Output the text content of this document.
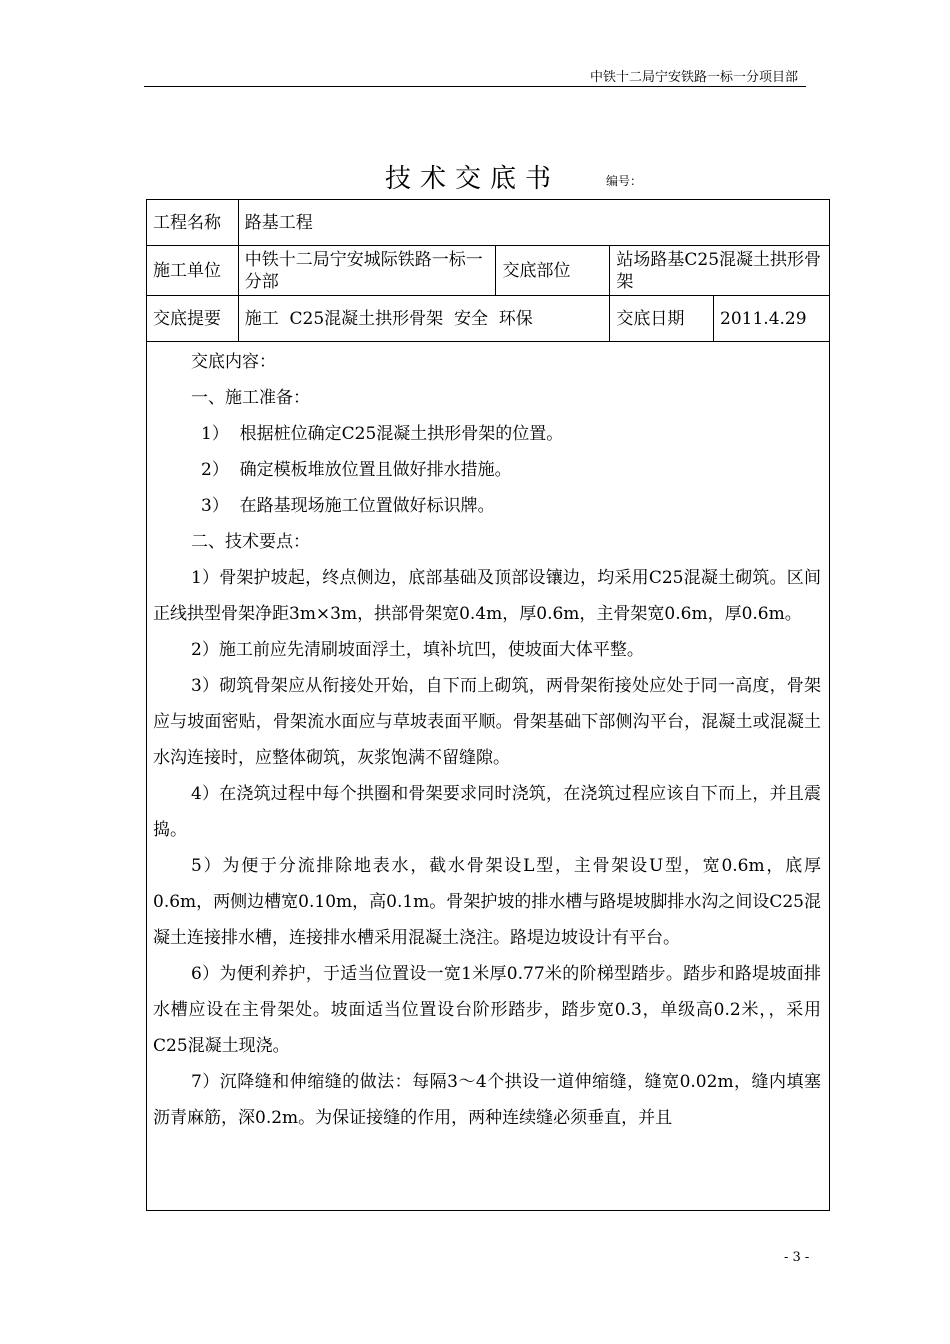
中铁十二局宁安铁路一标一分项目部
技术交底书	编号：
工程名称	路基工程			
施工单位	中铁十二局宁安城际铁路一标一分部	交底部位	站场路基C25混凝土拱形骨架	
交底提要	施工  C25混凝土拱形骨架  安全  环保		交底日期	2011.4.29

交底内容：

一、施工准备：

1）  根据桩位确定C25混凝土拱形骨架的位置。

2）  确定模板堆放位置且做好排水措施。

3）  在路基现场施工位置做好标识牌。

二、技术要点：

1）骨架护坡起，终点侧边，底部基础及顶部设镶边，均采用C25混凝土砌筑。区间正线拱型骨架净距3m×3m，拱部骨架宽0.4m，厚0.6m，主骨架宽0.6m，厚0.6m。

2）施工前应先清刷坡面浮土，填补坑凹，使坡面大体平整。

3）砌筑骨架应从衔接处开始，自下而上砌筑，两骨架衔接处应处于同一高度，骨架应与坡面密贴，骨架流水面应与草坡表面平顺。骨架基础下部侧沟平台，混凝土或混凝土水沟连接时，应整体砌筑，灰浆饱满不留缝隙。

4）在浇筑过程中每个拱圈和骨架要求同时浇筑，在浇筑过程应该自下而上，并且震捣。

5）为便于分流排除地表水，截水骨架设L型，主骨架设U型，宽0.6m，底厚0.6m，两侧边槽宽0.10m，高0.1m。骨架护坡的排水槽与路堤坡脚排水沟之间设C25混凝土连接排水槽，连接排水槽采用混凝土浇注。路堤边坡设计有平台。

6）为便利养护，于适当位置设一宽1米厚0.77米的阶梯型踏步。踏步和路堤坡面排水槽应设在主骨架处。坡面适当位置设台阶形踏步，踏步宽0.3，单级高0.2米，，采用C25混凝土现浇。

7）沉降缝和伸缩缝的做法：每隔3～4个拱设一道伸缩缝，缝宽0.02m，缝内填塞沥青麻筋，深0.2m。为保证接缝的作用，两种连续缝必须垂直，并且

- 3 -
